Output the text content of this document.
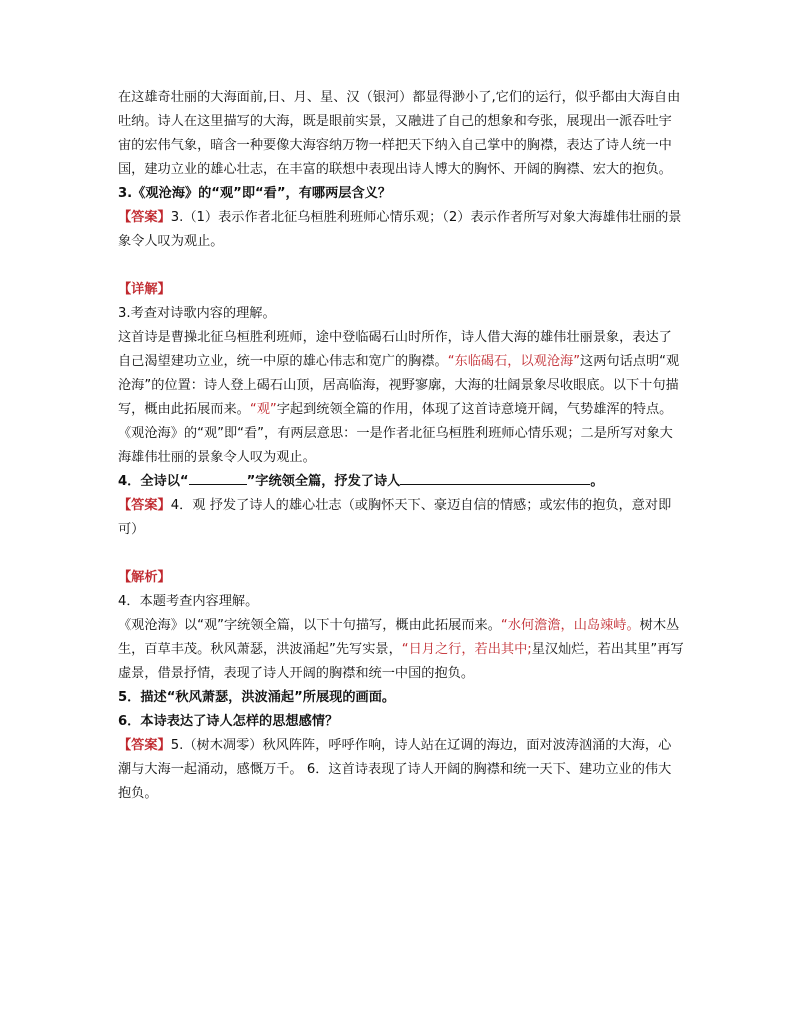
在这雄奇壮丽的大海面前,日、月、星、汉（银河）都显得渺小了,它们的运行，似乎都由大海自由吐纳。诗人在这里描写的大海，既是眼前实景，又融进了自己的想象和夸张，展现出一派吞吐宇宙的宏伟气象，暗含一种要像大海容纳万物一样把天下纳入自己掌中的胸襟，表达了诗人统一中国，建功立业的雄心壮志，在丰富的联想中表现出诗人博大的胸怀、开阔的胸襟、宏大的抱负。

3.《观沧海》的“观”即“看”，有哪两层含义？

【答案】3.（1）表示作者北征乌桓胜利班师心情乐观；（2）表示作者所写对象大海雄伟壮丽的景象令人叹为观止。

【详解】

3.考查对诗歌内容的理解。

这首诗是曹操北征乌桓胜利班师，途中登临碣石山时所作，诗人借大海的雄伟壮丽景象，表达了自己渴望建功立业，统一中原的雄心伟志和宽广的胸襟。“东临碣石，以观沧海”这两句话点明“观沧海”的位置：诗人登上碣石山顶，居高临海，视野寥廓，大海的壮阔景象尽收眼底。以下十句描写，概由此拓展而来。“观”字起到统领全篇的作用，体现了这首诗意境开阔，气势雄浑的特点。《观沧海》的“观”即“看”，有两层意思：一是作者北征乌桓胜利班师心情乐观；二是所写对象大海雄伟壮丽的景象令人叹为观止。

4．全诗以“	”字统领全篇，抒发了诗人	。

【答案】4．观 抒发了诗人的雄心壮志（或胸怀天下、豪迈自信的情感；或宏伟的抱负，意对即可）

【解析】

4．本题考查内容理解。

《观沧海》以“观”字统领全篇，以下十句描写，概由此拓展而来。“水何澹澹，山岛竦峙。树木丛生，百草丰茂。秋风萧瑟，洪波涌起”先写实景，“日月之行，若出其中;星汉灿烂，若出其里”再写虚景，借景抒情，表现了诗人开阔的胸襟和统一中国的抱负。

5．描述“秋风萧瑟，洪波涌起”所展现的画面。

6．本诗表达了诗人怎样的思想感情？

【答案】5.（树木凋零）秋风阵阵，呼呼作响，诗人站在辽调的海边，面对波涛汹涌的大海，心潮与大海一起涌动，感慨万千。 6．这首诗表现了诗人开阔的胸襟和统一天下、建功立业的伟大抱负。
